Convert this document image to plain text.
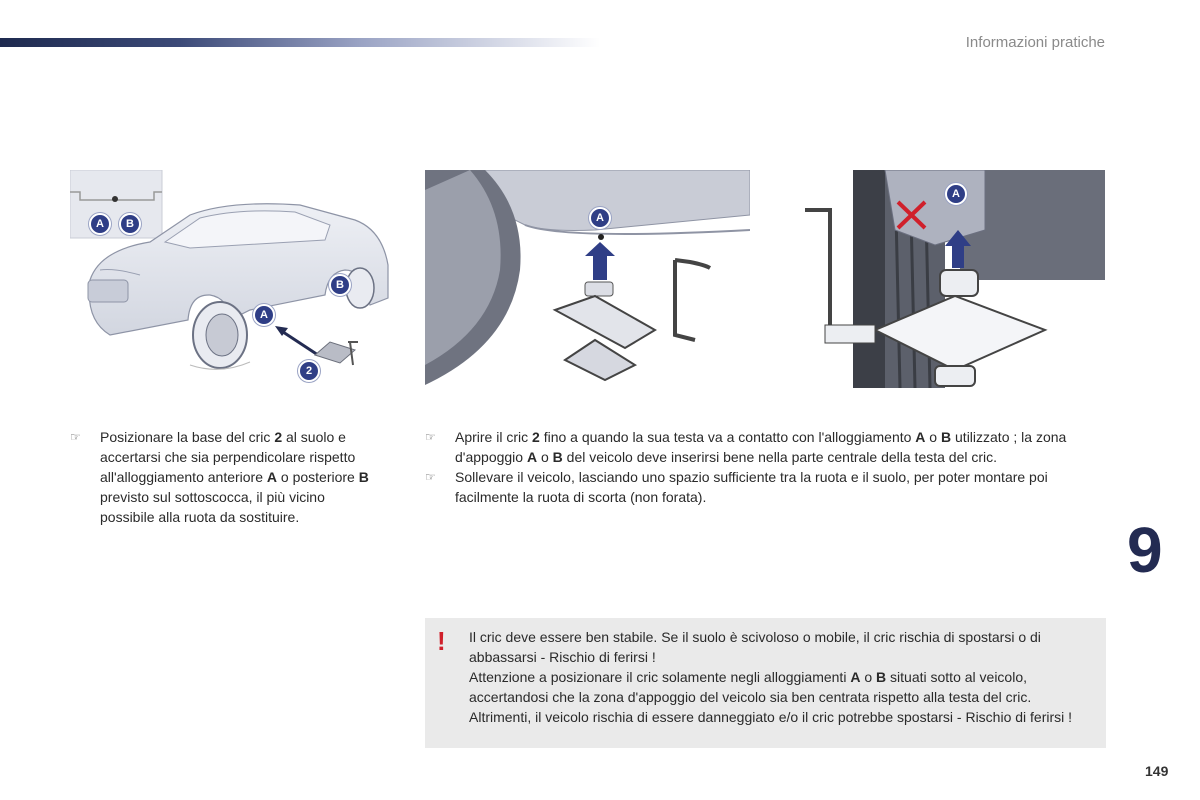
Informazioni pratiche
A	B
B
A
2
A
A
☞	Posizionare la base del cric 2 al suolo e accertarsi che sia perpendicolare rispetto all'alloggiamento anteriore A o posteriore B previsto sul sottoscocca, il più vicino possibile alla ruota da sostituire.
☞	Aprire il cric 2 fino a quando la sua testa va a contatto con l'alloggiamento A o B utilizzato ; la zona d'appoggio A o B del veicolo deve inserirsi bene nella parte centrale della testa del cric.
☞	Sollevare il veicolo, lasciando uno spazio sufficiente tra la ruota e il suolo, per poter montare poi facilmente la ruota di scorta (non forata).
9
! Il cric deve essere ben stabile. Se il suolo è scivoloso o mobile, il cric rischia di spostarsi o di abbassarsi - Rischio di ferirsi !

Attenzione a posizionare il cric solamente negli alloggiamenti A o B situati sotto al veicolo, accertandosi che la zona d'appoggio del veicolo sia ben centrata rispetto alla testa del cric.

Altrimenti, il veicolo rischia di essere danneggiato e/o il cric potrebbe spostarsi - Rischio di ferirsi !

149
